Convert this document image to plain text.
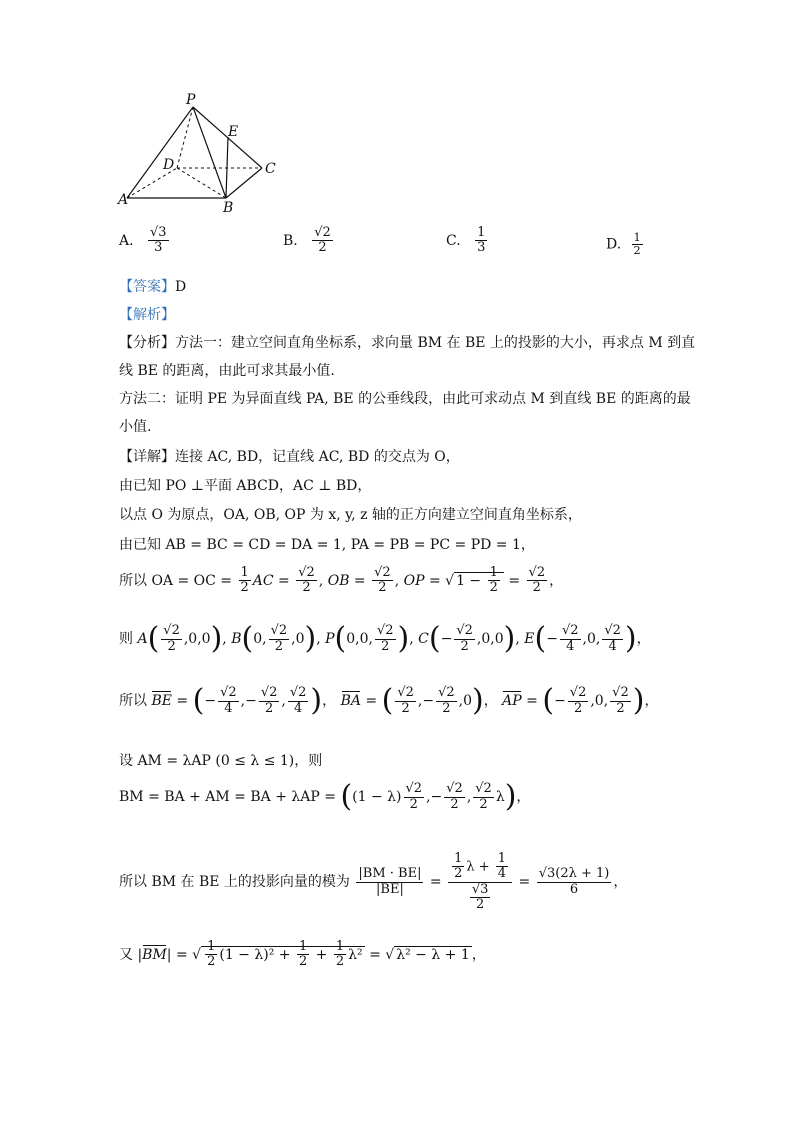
P
E
D	C
A	B
A. $\frac{√3}{3}$	B. $\frac{√2}{2}$	C. $\frac{1}{3}$	D. $\frac{1}{2}$
【答案】D
【解析】
【分析】方法一：建立空间直角坐标系，求向量 BM 在 BE 上的投影的大小，再求点 M 到直
线 BE 的距离，由此可求其最小值.
方法二：证明 PE 为异面直线 PA, BE 的公垂线段，由此可求动点 M 到直线 BE 的距离的最
小值.
【详解】连接 AC, BD，记直线 AC, BD 的交点为 O，
由已知 PO ⊥平面 ABCD，AC ⊥ BD，
以点 O 为原点，OA, OB, OP 为 x, y, z 轴的正方向建立空间直角坐标系，
由已知 AB = BC = CD = DA = 1, PA = PB = PC = PD = 1，
所以 OA = OC = $\frac{1}{2}$ AC = $\frac{√2}{2}$ , OB = $\frac{√2}{2}$ , OP = √ $1 - \frac{1}{2} = \frac{√2}{2}$ ，
则 $A( \frac{√2}{2} ,0,0)$, B(0, $\frac{√2}{2} ,0$), P(0,0, $\frac{√2}{2}$ ), $C(- \frac{√2}{2} ,0,0)$, $E(- \frac{√2}{4} ,0$, $\frac{√2}{4}$ )，
所以 BE = (− $\frac{√2}{4}$ ,− $\frac{√2}{2}$ , $\frac{√2}{4}$ )， BA = ( $\frac{√2}{2}$ ,− $\frac{√2}{2} ,0$)， AP = (− $\frac{√2}{2} ,0$, $\frac{√2}{2}$ )，
设 AM = λAP (0 ≤ λ ≤ 1)，则
BM = BA + AM = BA + $\lambda AP = ((1 - \lambda) \frac{√2}{2}$ ,− $\frac{√2}{2}$ , $\frac{√2}{2} \lambda$)，
所以 BM 在 BE 上的投影向量的模为 $\frac{|BM \cdot BE|}{|BE|} = \frac{\frac{1}{2} \lambda + \frac{1}{4}}{\frac{√3}{2}} = \frac{√3(2\lambda + 1)}{6}$ ，
又 |BM| = √ $\frac{1}{2} (1 - \lambda)^2 + \frac{1}{2} + \frac{1}{2} \lambda^2$ = √ λ² − λ + 1 ，
